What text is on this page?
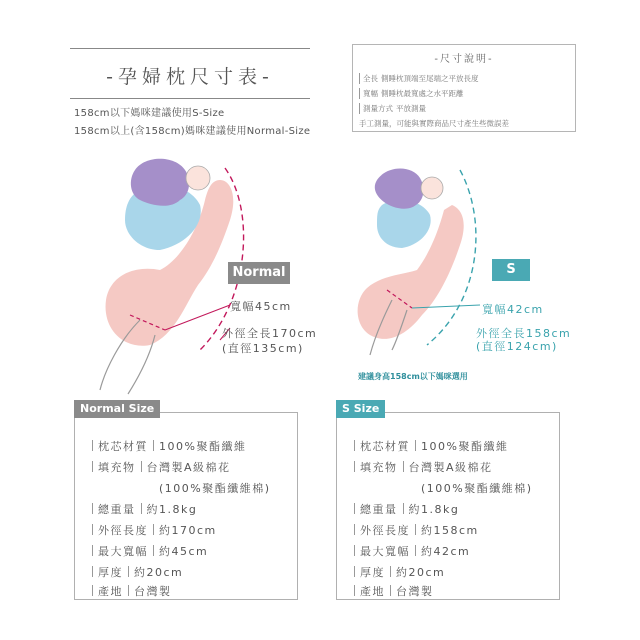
-孕婦枕尺寸表-
158cm以下媽咪建議使用S-Size
158cm以上(含158cm)媽咪建議使用Normal-Size
-尺寸說明-
全長 側睡枕頂端至尾端之平放長度
寬幅 側睡枕最寬處之水平距離
測量方式 平放測量
手工測量，可能與實際商品尺寸產生些微誤差
Normal
寬幅45cm
外徑全長170cm
(直徑135cm)
S
寬幅42cm
外徑全長158cm
(直徑124cm)
建議身高158cm以下媽咪選用
Normal Size
枕芯材質 100%聚酯纖維
填充物 台灣製A級棉花
(100%聚酯纖維棉)
總重量 約1.8kg
外徑長度 約170cm
最大寬幅 約45cm
厚度 約20cm
產地 台灣製
S Size
枕芯材質 100%聚酯纖維
填充物 台灣製A級棉花
(100%聚酯纖維棉)
總重量 約1.8kg
外徑長度 約158cm
最大寬幅 約42cm
厚度 約20cm
產地 台灣製
